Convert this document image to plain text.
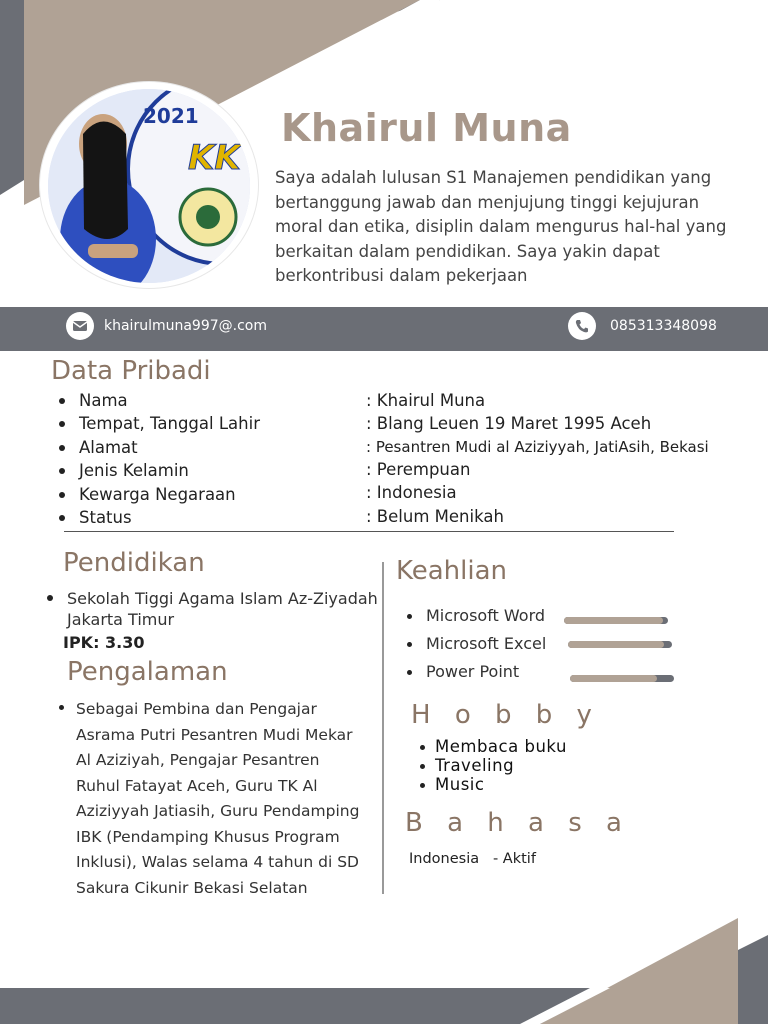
2021
KK
Khairul Muna
Saya adalah lulusan S1 Manajemen pendidikan yang bertanggung jawab dan menjujung tinggi kejujuran moral dan etika, disiplin dalam mengurus hal-hal yang berkaitan dalam pendidikan. Saya yakin dapat berkontribusi dalam pekerjaan
khairulmuna997@.com	085313348098
Data Pribadi
Nama	: Khairul Muna
Tempat, Tanggal Lahir	: Blang Leuen 19 Maret 1995 Aceh
Alamat	: Pesantren Mudi al Aziziyyah, JatiAsih, Bekasi
Jenis Kelamin	: Perempuan
Kewarga Negaraan	: Indonesia
Status	: Belum Menikah
Pendidikan
Sekolah Tiggi Agama Islam Az-Ziyadah
Jakarta Timur
IPK: 3.30
Pengalaman
Sebagai Pembina dan Pengajar
Asrama Putri Pesantren Mudi Mekar
Al Aziziyah, Pengajar Pesantren
Ruhul Fatayat Aceh, Guru TK Al
Aziziyyah Jatiasih, Guru Pendamping
IBK (Pendamping Khusus Program
Inklusi), Walas selama 4 tahun di SD
Sakura Cikunir Bekasi Selatan
Keahlian
Microsoft Word
Microsoft Excel
Power Point
H o b b y
Membaca buku
Traveling
Music
B a h a s a
Indonesia   - Aktif
